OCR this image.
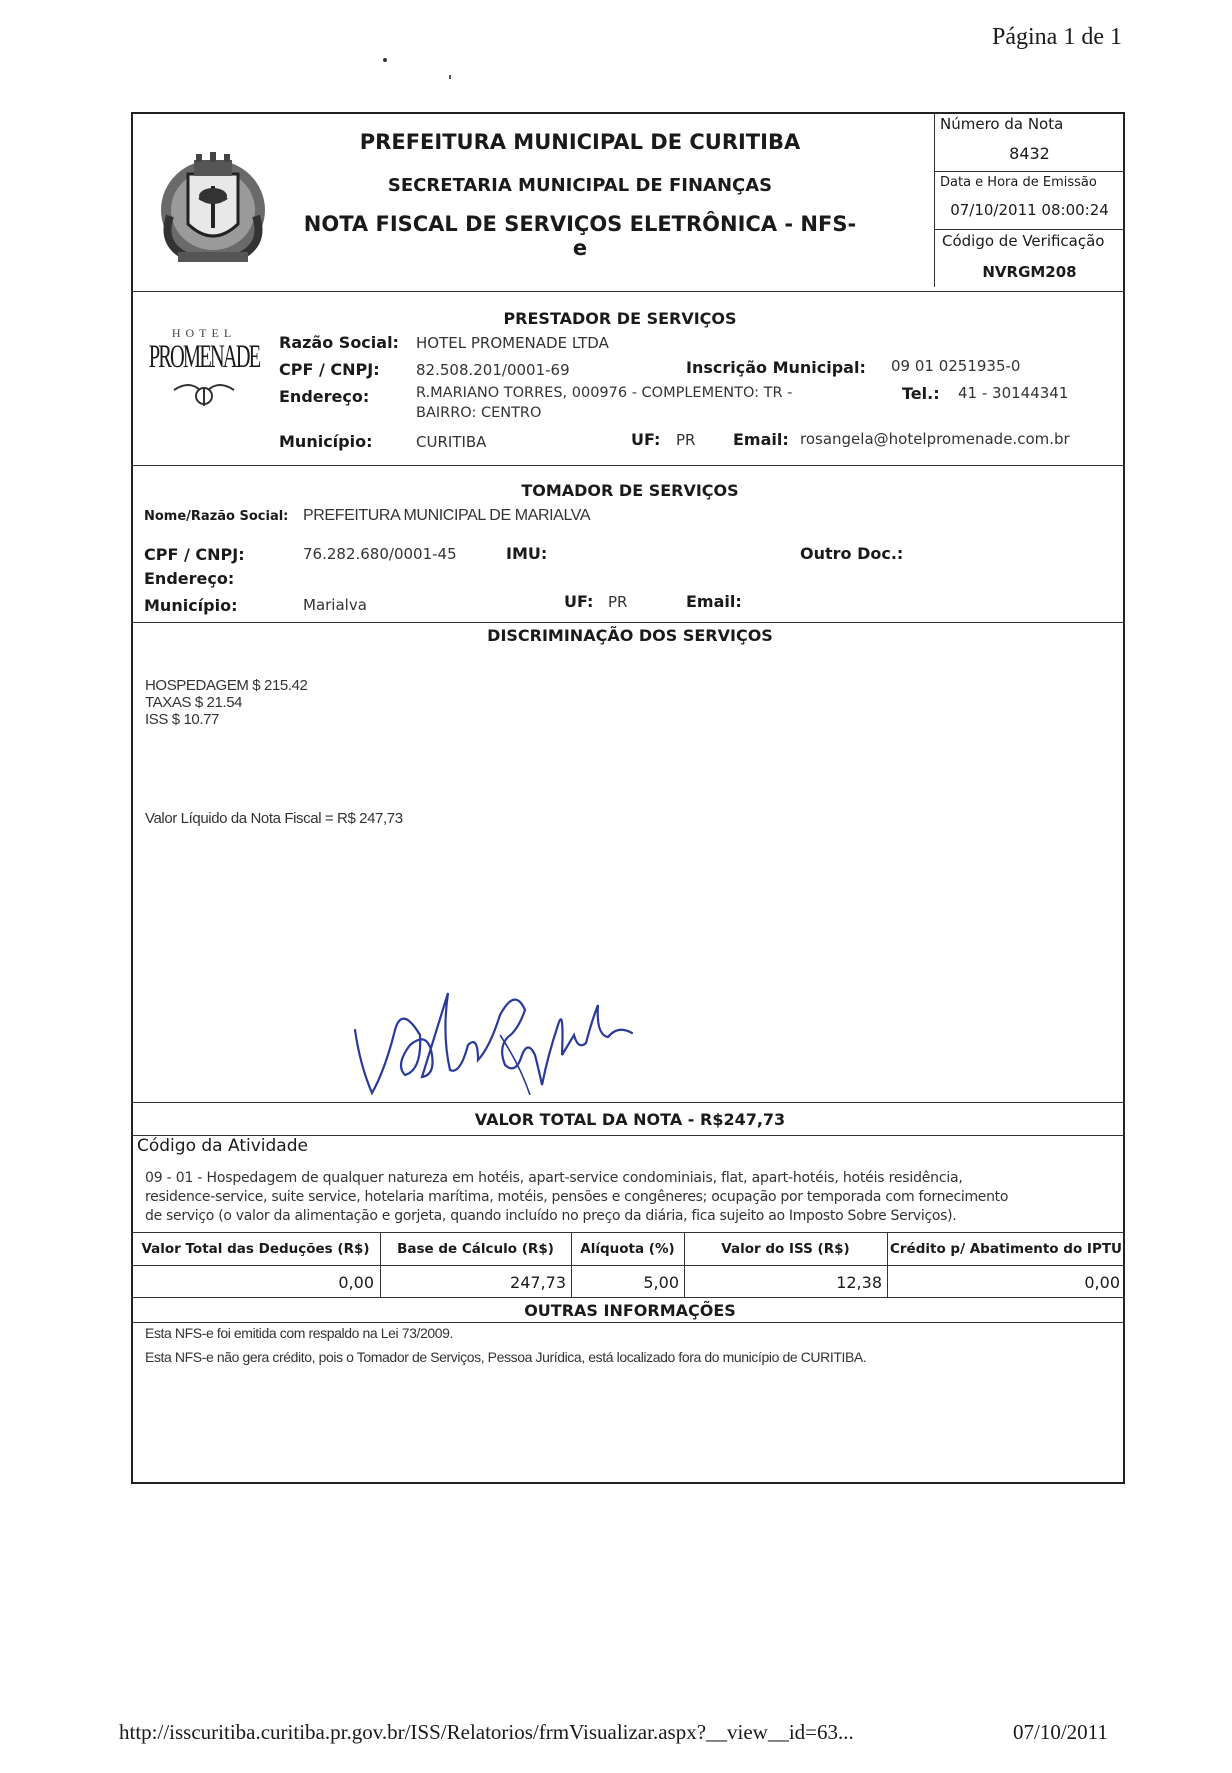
Página 1 de 1
PREFEITURA MUNICIPAL DE CURITIBA
SECRETARIA MUNICIPAL DE FINANÇAS
NOTA FISCAL DE SERVIÇOS ELETRÔNICA - NFS-e
Número da Nota
8432
Data e Hora de Emissão
07/10/2011 08:00:24
Código de Verificação
NVRGM208
HOTEL
PROMENADE
PRESTADOR DE SERVIÇOS
Razão Social: HOTEL PROMENADE LTDA
CPF / CNPJ: 82.508.201/0001-69	Inscrição Municipal: 09 01 0251935-0
Endereço:	R.MARIANO TORRES, 000976 - COMPLEMENTO: TR -
BAIRRO: CENTRO
Tel.: 41 - 30144341
Município:	CURITIBA	UF: PR Email: rosangela@hotelpromenade.com.br
TOMADOR DE SERVIÇOS
Nome/Razão Social: PREFEITURA MUNICIPAL DE MARIALVA
CPF / CNPJ:	76.282.680/0001-45	IMU:	Outro Doc.:
Endereço:
Município:	Marialva	UF: PR	Email:
DISCRIMINAÇÃO DOS SERVIÇOS
HOSPEDAGEM $ 215.42
TAXAS $ 21.54
ISS $ 10.77
Valor Líquido da Nota Fiscal = R$ 247,73
VALOR TOTAL DA NOTA - R$247,73
Código da Atividade
09 - 01 - Hospedagem de qualquer natureza em hotéis, apart-service condominiais, flat, apart-hotéis, hotéis residência,
residence-service, suite service, hotelaria marítima, motéis, pensões e congêneres; ocupação por temporada com fornecimento
de serviço (o valor da alimentação e gorjeta, quando incluído no preço da diária, fica sujeito ao Imposto Sobre Serviços).
Valor Total das Deduções (R$)	Base de Cálculo (R$)	Alíquota (%)	Valor do ISS (R$)	Crédito p/ Abatimento do IPTU
0,00	247,73	5,00	12,38	0,00
OUTRAS INFORMAÇÕES
Esta NFS-e foi emitida com respaldo na Lei 73/2009.
Esta NFS-e não gera crédito, pois o Tomador de Serviços, Pessoa Jurídica, está localizado fora do município de CURITIBA.
http://isscuritiba.curitiba.pr.gov.br/ISS/Relatorios/frmVisualizar.aspx?__view__id=63...	07/10/2011
